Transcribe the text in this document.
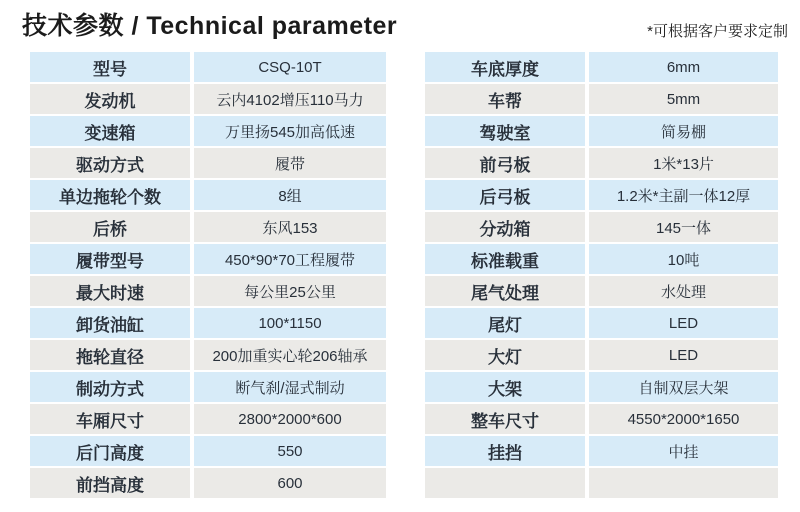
技术参数 / Technical parameter	*可根据客户要求定制
型号	CSQ-10T
发动机	云内4102增压110马力
变速箱	万里扬545加高低速
驱动方式	履带
单边拖轮个数	8组
后桥	东风153
履带型号	450*90*70工程履带
最大时速	每公里25公里
卸货油缸	100*1150
拖轮直径	200加重实心轮206轴承
制动方式	断气刹/湿式制动
车厢尺寸	2800*2000*600
后门高度	550
前挡高度	600
车底厚度	6mm
车帮	5mm
驾驶室	简易棚
前弓板	1米*13片
后弓板	1.2米*主副一体12厚
分动箱	145一体
标准载重	10吨
尾气处理	水处理
尾灯	LED
大灯	LED
大架	自制双层大架
整车尺寸	4550*2000*1650
挂挡	中挂
